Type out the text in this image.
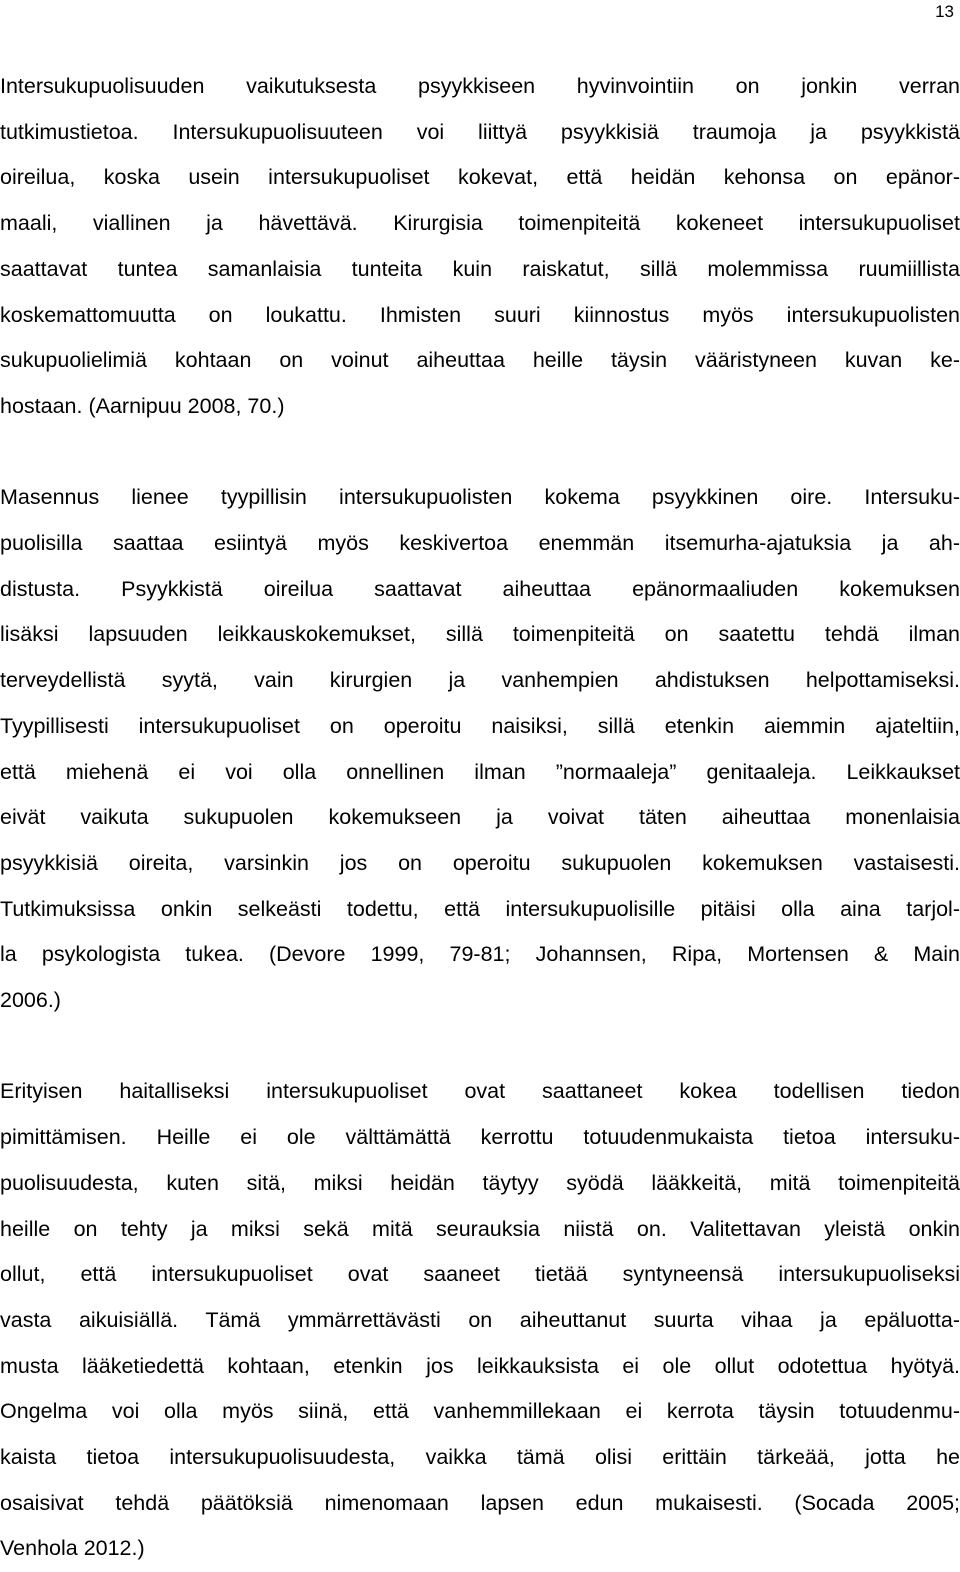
13
Intersukupuolisuuden vaikutuksesta psyykkiseen hyvinvointiin on jonkin verran
tutkimustietoa. Intersukupuolisuuteen voi liittyä psyykkisiä traumoja ja psyykkistä
oireilua, koska usein intersukupuoliset kokevat, että heidän kehonsa on epänor-
maali, viallinen ja hävettävä. Kirurgisia toimenpiteitä kokeneet intersukupuoliset
saattavat tuntea samanlaisia tunteita kuin raiskatut, sillä molemmissa ruumiillista
koskemattomuutta on loukattu. Ihmisten suuri kiinnostus myös intersukupuolisten
sukupuolielimiä kohtaan on voinut aiheuttaa heille täysin vääristyneen kuvan ke-
hostaan. (Aarnipuu 2008, 70.)
Masennus lienee tyypillisin intersukupuolisten kokema psyykkinen oire. Intersuku-
puolisilla saattaa esiintyä myös keskivertoa enemmän itsemurha-ajatuksia ja ah-
distusta. Psyykkistä oireilua saattavat aiheuttaa epänormaaliuden kokemuksen
lisäksi lapsuuden leikkauskokemukset, sillä toimenpiteitä on saatettu tehdä ilman
terveydellistä syytä, vain kirurgien ja vanhempien ahdistuksen helpottamiseksi.
Tyypillisesti intersukupuoliset on operoitu naisiksi, sillä etenkin aiemmin ajateltiin,
että miehenä ei voi olla onnellinen ilman ”normaaleja” genitaaleja. Leikkaukset
eivät vaikuta sukupuolen kokemukseen ja voivat täten aiheuttaa monenlaisia
psyykkisiä oireita, varsinkin jos on operoitu sukupuolen kokemuksen vastaisesti.
Tutkimuksissa onkin selkeästi todettu, että intersukupuolisille pitäisi olla aina tarjol-
la psykologista tukea. (Devore 1999, 79-81; Johannsen, Ripa, Mortensen & Main
2006.)
Erityisen haitalliseksi intersukupuoliset ovat saattaneet kokea todellisen tiedon
pimittämisen. Heille ei ole välttämättä kerrottu totuudenmukaista tietoa intersuku-
puolisuudesta, kuten sitä, miksi heidän täytyy syödä lääkkeitä, mitä toimenpiteitä
heille on tehty ja miksi sekä mitä seurauksia niistä on. Valitettavan yleistä onkin
ollut, että intersukupuoliset ovat saaneet tietää syntyneensä intersukupuoliseksi
vasta aikuisiällä. Tämä ymmärrettävästi on aiheuttanut suurta vihaa ja epäluotta-
musta lääketiedettä kohtaan, etenkin jos leikkauksista ei ole ollut odotettua hyötyä.
Ongelma voi olla myös siinä, että vanhemmillekaan ei kerrota täysin totuudenmu-
kaista tietoa intersukupuolisuudesta, vaikka tämä olisi erittäin tärkeää, jotta he
osaisivat tehdä päätöksiä nimenomaan lapsen edun mukaisesti. (Socada 2005;
Venhola 2012.)
